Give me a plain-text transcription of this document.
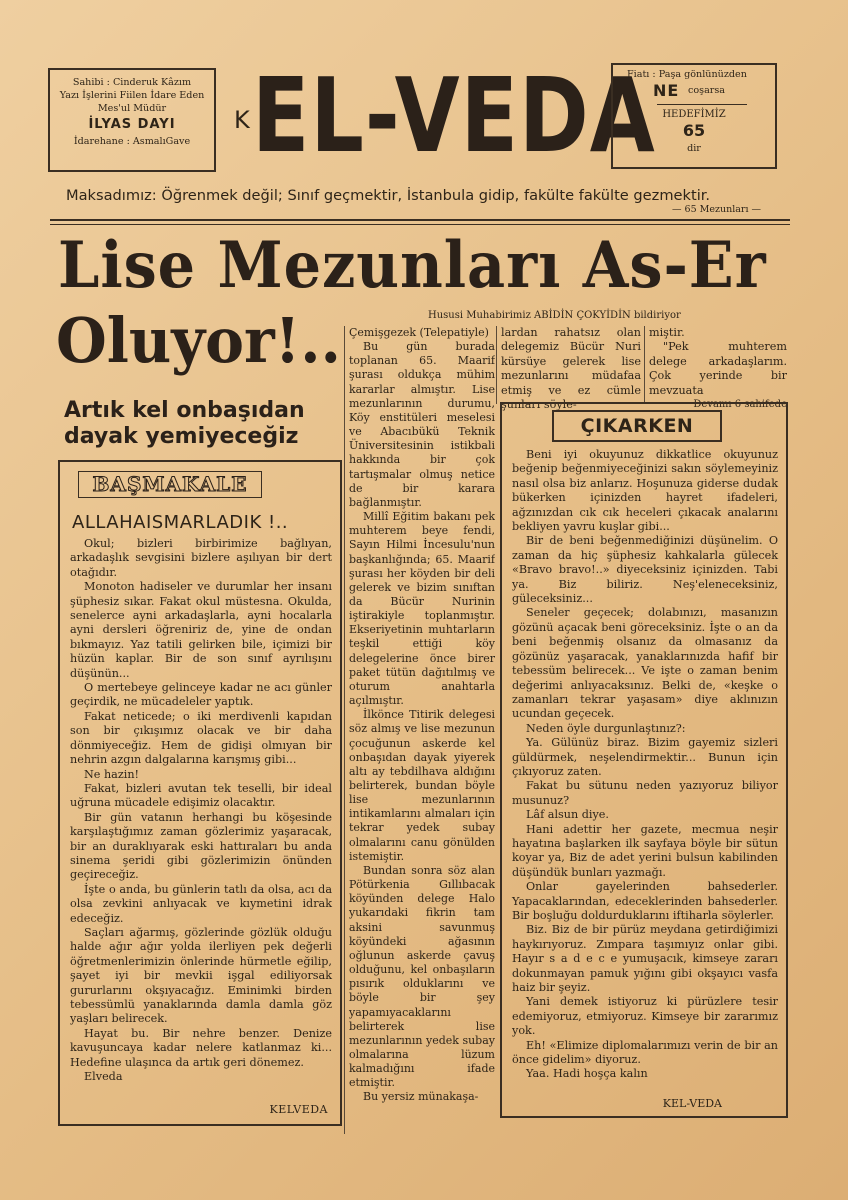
Sahibi : Cinderuk Kâzım
Yazı İşlerini Fiilen İdare Eden
Mes'ul Müdür
İLYAS DAYI
İdarehane : AsmalıGave
K EL-VEDA
Fiatı : Paşa gönlünüzden
NE coşarsa
HEDEFİMİZ
65
dir
Maksadımız: Öğrenmek değil; Sınıf geçmektir, İstanbula gidip, fakülte fakülte gezmektir.
— 65 Mezunları —
Lise Mezunları As-Er
Oluyor!..	Hususi Muhabirimiz ABİDİN ÇOKYİDİN bildiriyor
Artık kel onbaşıdan
dayak yemiyeceğiz
BAŞMAKALE
ALLAHAISMARLADIK !..

Okul; bizleri birbirimize bağlıyan, arkadaşlık sevgisini bizlere aşılıyan bir dert otağıdır.

Monoton hadiseler ve durumlar her insanı şüphesiz sıkar. Fakat okul müstesna. Okulda, senelerce ayni arkadaşlarla, ayni hocalarla ayni dersleri öğreniriz de, yine de ondan bıkmayız. Yaz tatili gelirken bile, içimizi bir hüzün kaplar. Bir de son sınıf ayrılışını düşünün...

O mertebeye gelinceye kadar ne acı günler geçirdik, ne mücadeleler yaptık.

Fakat neticede; o iki merdivenli kapıdan son bir çıkışımız olacak ve bir daha dönmiyeceğiz. Hem de gidişi olmıyan bir nehrin azgın dalgalarına karışmış gibi...

Ne hazin!

Fakat, bizleri avutan tek teselli, bir ideal uğruna mücadele edişimiz olacaktır.

Bir gün vatanın herhangi bu köşesinde karşılaştığımız zaman gözlerimiz yaşaracak, bir an duraklıyarak eski hattıraları bu anda sinema şeridi gibi gözlerimizin önünden geçireceğiz.

İşte o anda, bu günlerin tatlı da olsa, acı da olsa zevkini anlıyacak ve kıymetini idrak edeceğiz.

Saçları ağarmış, gözlerinde gözlük olduğu halde ağır ağır yolda ilerliyen pek değerli öğretmenlerimizin önlerinde hürmetle eğilip, şayet iyi bir mevkii işgal ediliyorsak gururlarını okşıyacağız. Eminimki birden tebessümlü yanaklarında damla damla göz yaşları belirecek.

Hayat bu. Bir nehre benzer. Denize kavuşuncaya kadar nelere katlanmaz ki... Hedefine ulaşınca da artık geri dönemez.

Elveda

KELVEDA

Çemişgezek (Telepatiyle)

Bu gün burada toplanan 65. Maarif şurası oldukça mühim kararlar almıştır. Lise mezunlarının durumu, Köy enstitüleri meselesi ve Abacıbükü Teknik Üniversitesinin istikbali hakkında bir çok tartışmalar olmuş netice de bir karara bağlanmıştır.

Millî Eğitim bakanı pek muhterem beye fendi, Sayın Hilmi İncesulu'nun başkanlığında; 65. Maarif şurası her köyden bir deli gelerek ve bizim sınıftan da Bücür Nurinin iştirakiyle toplanmıştır. Ekseriyetinin muhtarların teşkil ettiği köy delegelerine önce birer paket tütün dağıtılmış ve oturum anahtarla açılmıştır.

İlkönce Titirik delegesi söz almış ve lise mezunun çocuğunun askerde kel onbaşıdan dayak yiyerek altı ay tebdilhava aldığını belirterek, bundan böyle lise mezunlarının intikamlarını almaları için tekrar yedek subay olmalarını canu gönülden istemiştir.

Bundan sonra söz alan Pötürkenia Gıllıbacak köyünden delege Halo yukarıdaki fikrin tam aksini savunmuş köyündeki ağasının oğlunun askerde çavuş olduğunu, kel onbaşıların pısırık olduklarını ve böyle bir şey yapamıyacaklarını belirterek lise mezunlarının yedek subay olmalarına lüzum kalmadığını ifade etmiştir.

Bu yersiz münakaşa-

lardan rahatsız olan delegemiz Bücür Nuri kürsüye gelerek lise mezunlarını müdafaa etmiş ve ez cümle şunları söyle-

miştir.

"Pek muhterem delege arkadaşlarım. Çok yerinde bir mevzuata

Devamı 6 sahifede
ÇIKARKEN

Beni iyi okuyunuz dikkatlice okuyunuz beğenip beğenmiyeceğinizi sakın söylemeyiniz nasıl olsa biz anlarız. Hoşunuza giderse dudak bükerken içinizden hayret ifadeleri, ağzınızdan cık cık heceleri çıkacak analarını bekliyen yavru kuşlar gibi...

Bir de beni beğenmediğinizi düşünelim. O zaman da hiç şüphesiz kahkalarla gülecek «Bravo bravo!..» diyeceksiniz içinizden. Tabi ya. Biz biliriz. Neş'eleneceksiniz, güleceksiniz...

Seneler geçecek; dolabınızı, masanızın gözünü açacak beni göreceksiniz. İşte o an da beni beğenmiş olsanız da olmasanız da gözünüz yaşaracak, yanaklarınızda hafif bir tebessüm belirecek... Ve işte o zaman benim değerimi anlıyacaksınız. Belki de, «keşke o zamanları tekrar yaşasam» diye aklınızın ucundan geçecek.

Neden öyle durgunlaştınız?:

Ya. Gülünüz biraz. Bizim gayemiz sizleri güldürmek, neşelendirmektir... Bunun için çıkıyoruz zaten.

Fakat bu sütunu neden yazıyoruz biliyor musunuz?

Lâf alsun diye.

Hani adettir her gazete, mecmua neşir hayatına başlarken ilk sayfaya böyle bir sütun koyar ya, Biz de adet yerini bulsun kabilinden düşündük bunları yazmağı.

Onlar gayelerinden bahsederler. Yapacaklarından, edeceklerinden bahsederler. Bir boşluğu doldurduklarını iftiharla söylerler.

Biz. Biz de bir pürüz meydana getirdiğimizi haykırıyoruz. Zımpara taşımıyız onlar gibi. Hayır s a d e c e yumuşacık, kimseye zararı dokunmayan pamuk yığını gibi okşayıcı vasfa haiz bir şeyiz.

Yani demek istiyoruz ki pürüzlere tesir edemiyoruz, etmiyoruz. Kimseye bir zararımız yok.

Eh! «Elimize diplomalarımızı verin de bir an önce gidelim» diyoruz.

Yaa. Hadi hoşça kalın

KEL-VEDA
